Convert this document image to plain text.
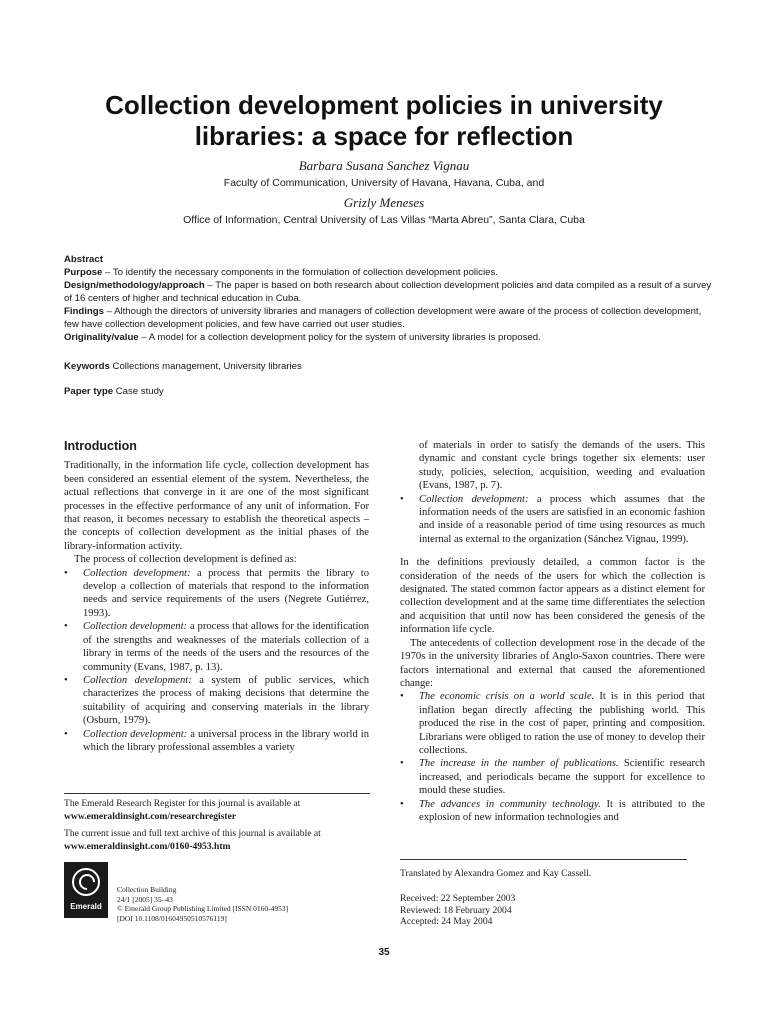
Collection development policies in university
libraries: a space for reflection
Barbara Susana Sanchez Vignau
Faculty of Communication, University of Havana, Havana, Cuba, and
Grizly Meneses
Office of Information, Central University of Las Villas “Marta Abreu”, Santa Clara, Cuba

Abstract

Purpose – To identify the necessary components in the formulation of collection development policies.

Design/methodology/approach – The paper is based on both research about collection development policies and data compiled as a result of a survey of 16 centers of higher and technical education in Cuba.

Findings – Although the directors of university libraries and managers of collection development were aware of the process of collection development, few have collection development policies, and few have carried out user studies.

Originality/value – A model for a collection development policy for the system of university libraries is proposed.

Keywords Collections management, University libraries
Paper type Case study
Introduction

Traditionally, in the information life cycle, collection development has been considered an essential element of the system. Nevertheless, the actual reflections that converge in it are one of the most significant processes in the effective performance of any unit of information. For that reason, it becomes necessary to establish the theoretical aspects – the concepts of collection development as the initial phases of the library-information activity.

The process of collection development is defined as:

• Collection development: a process that permits the library to develop a collection of materials that respond to the information needs and service requirements of the users (Negrete Gutiérrez, 1993).
• Collection development: a process that allows for the identification of the strengths and weaknesses of the materials collection of a library in terms of the needs of the users and the resources of the community (Evans, 1987, p. 13).
• Collection development: a system of public services, which characterizes the process of making decisions that determine the suitability of acquiring and conserving materials in the library (Osburn, 1979).
• Collection development: a universal process in the library world in which the library professional assembles a variety

of materials in order to satisfy the demands of the users. This dynamic and constant cycle brings together six elements: user study, policies, selection, acquisition, weeding and evaluation (Evans, 1987, p. 7).

• Collection development: a process which assumes that the information needs of the users are satisfied in an economic fashion and inside of a reasonable period of time using resources as much internal as external to the organization (Sánchez Vignau, 1999).

In the definitions previously detailed, a common factor is the consideration of the needs of the users for which the collection is designated. The stated common factor appears as a distinct element for collection development and at the same time differentiates the selection and acquisition that until now has been considered the genesis of the information life cycle.

The antecedents of collection development rose in the decade of the 1970s in the university libraries of Anglo-Saxon countries. There were factors international and external that caused the aforementioned change:

• The economic crisis on a world scale. It is in this period that inflation began directly affecting the publishing world. This produced the rise in the cost of paper, printing and composition. Librarians were obliged to ration the use of money to develop their collections.
• The increase in the number of publications. Scientific research increased, and periodicals became the support for excellence to mould these studies.
• The advances in community technology. It is attributed to the explosion of new information technologies and

The Emerald Research Register for this journal is available at
www.emeraldinsight.com/researchregister

The current issue and full text archive of this journal is available at
www.emeraldinsight.com/0160-4953.htm

Emerald

Collection Building

24/1 [2005] 35–43

© Emerald Group Publishing Limited [ISSN 0160-4953]

[DOI 10.1108/01604950510576119]

Translated by Alexandra Gomez and Kay Cassell.

Received: 22 September 2003

Reviewed: 18 February 2004

Accepted: 24 May 2004

35
